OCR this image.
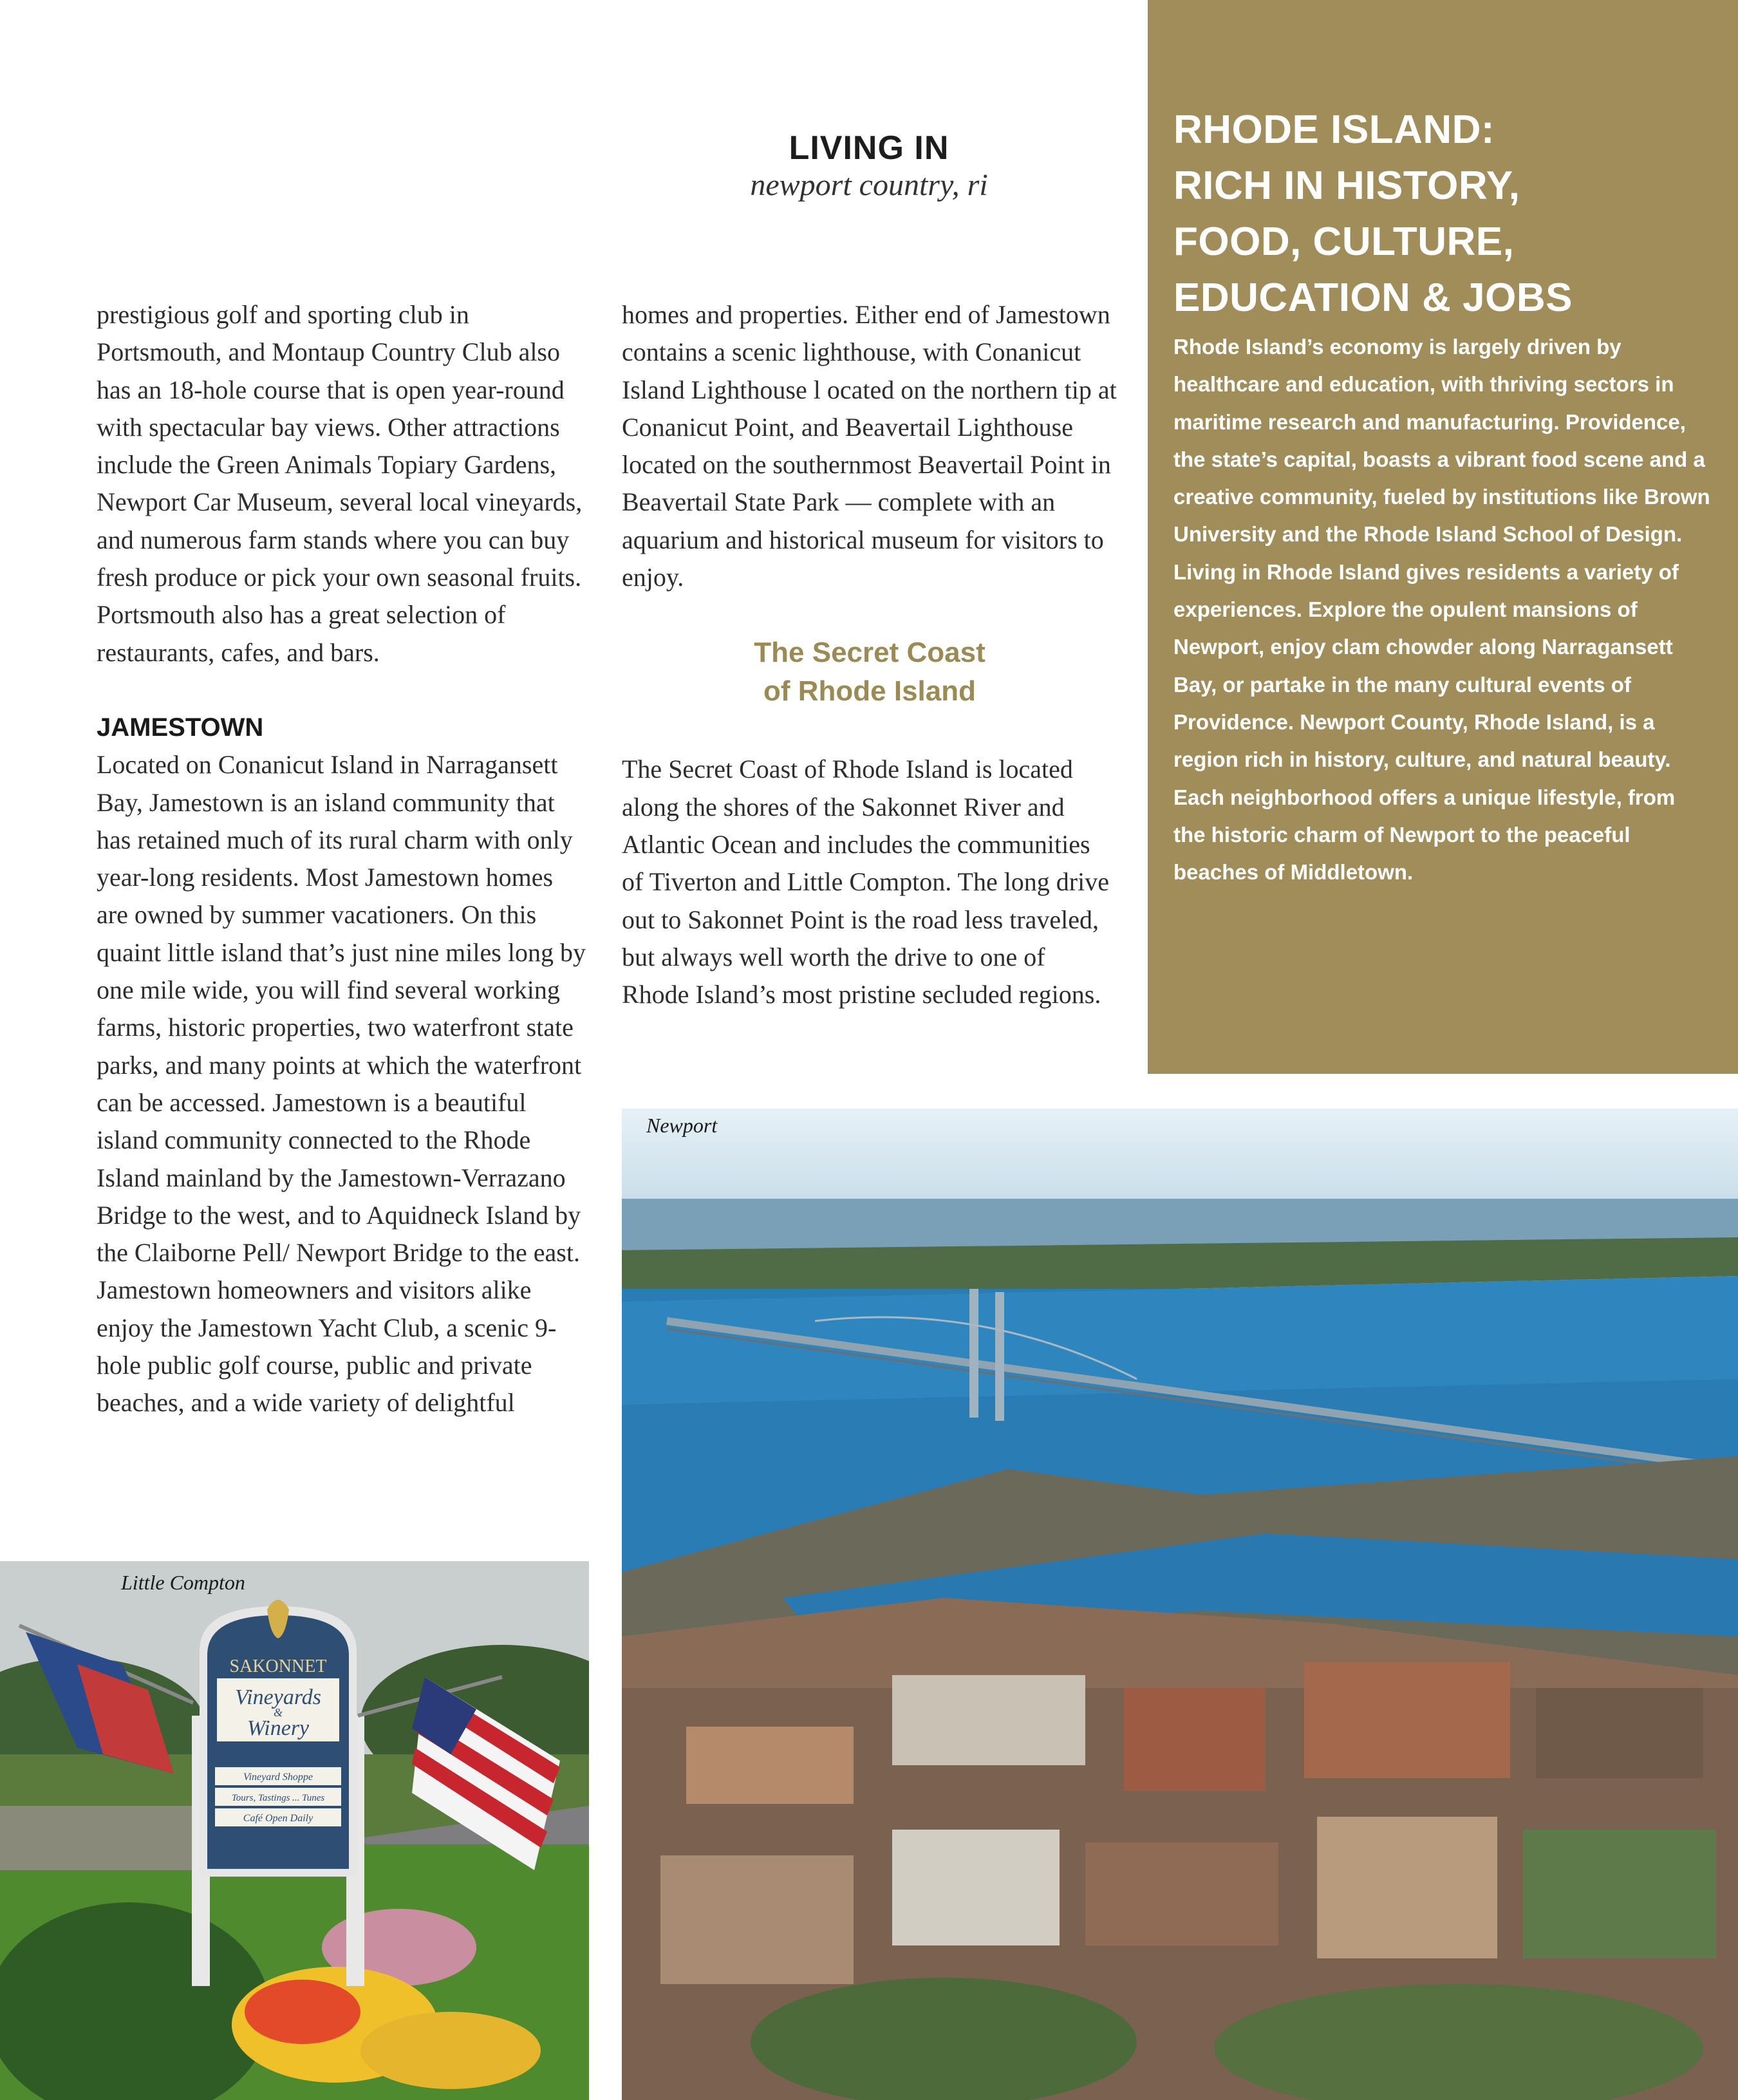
LIVING IN
newport country, ri

prestigious golf and sporting club in Portsmouth, and Montaup Country Club also has an 18-hole course that is open year-round with spectacular bay views. Other attractions include the Green Animals Topiary Gardens, Newport Car Museum, several local vineyards, and numerous farm stands where you can buy fresh produce or pick your own seasonal fruits. Portsmouth also has a great selection of restaurants, cafes, and bars.

JAMESTOWN

Located on Conanicut Island in Narragansett Bay, Jamestown is an island community that has retained much of its rural charm with only year-long residents. Most Jamestown homes are owned by summer vacationers. On this quaint little island that’s just nine miles long by one mile wide, you will find several working farms, historic properties, two waterfront state parks, and many points at which the waterfront can be accessed. Jamestown is a beautiful island community connected to the Rhode Island mainland by the Jamestown-Verrazano Bridge to the west, and to Aquidneck Island by the Claiborne Pell/ Newport Bridge to the east. Jamestown homeowners and visitors alike enjoy the Jamestown Yacht Club, a scenic 9-hole public golf course, public and private beaches, and a wide variety of delightful

homes and properties. Either end of Jamestown contains a scenic lighthouse, with Conanicut Island Lighthouse l ocated on the northern tip at Conanicut Point, and Beavertail Lighthouse located on the southernmost Beavertail Point in Beavertail State Park — complete with an aquarium and historical museum for visitors to enjoy.

The Secret Coast
of Rhode Island

The Secret Coast of Rhode Island is located along the shores of the Sakonnet River and Atlantic Ocean and includes the communities of Tiverton and Little Compton. The long drive out to Sakonnet Point is the road less traveled, but always well worth the drive to one of Rhode Island’s most pristine secluded regions.

RHODE ISLAND:
RICH IN HISTORY,
FOOD, CULTURE,
EDUCATION & JOBS

Rhode Island’s economy is largely driven by healthcare and education, with thriving sectors in maritime research and manufacturing. Providence, the state’s capital, boasts a vibrant food scene and a creative community, fueled by institutions like Brown University and the Rhode Island School of Design. Living in Rhode Island gives residents a variety of experiences. Explore the opulent mansions of Newport, enjoy clam chowder along Narragansett Bay, or partake in the many cultural events of Providence. Newport County, Rhode Island, is a region rich in history, culture, and natural beauty. Each neighborhood offers a unique lifestyle, from the historic charm of Newport to the peaceful beaches of Middletown.

SAKONNET
Vineyards
&
Winery
Vineyard Shoppe
Tours, Tastings ... Tunes
Café Open Daily
Little Compton
Newport
